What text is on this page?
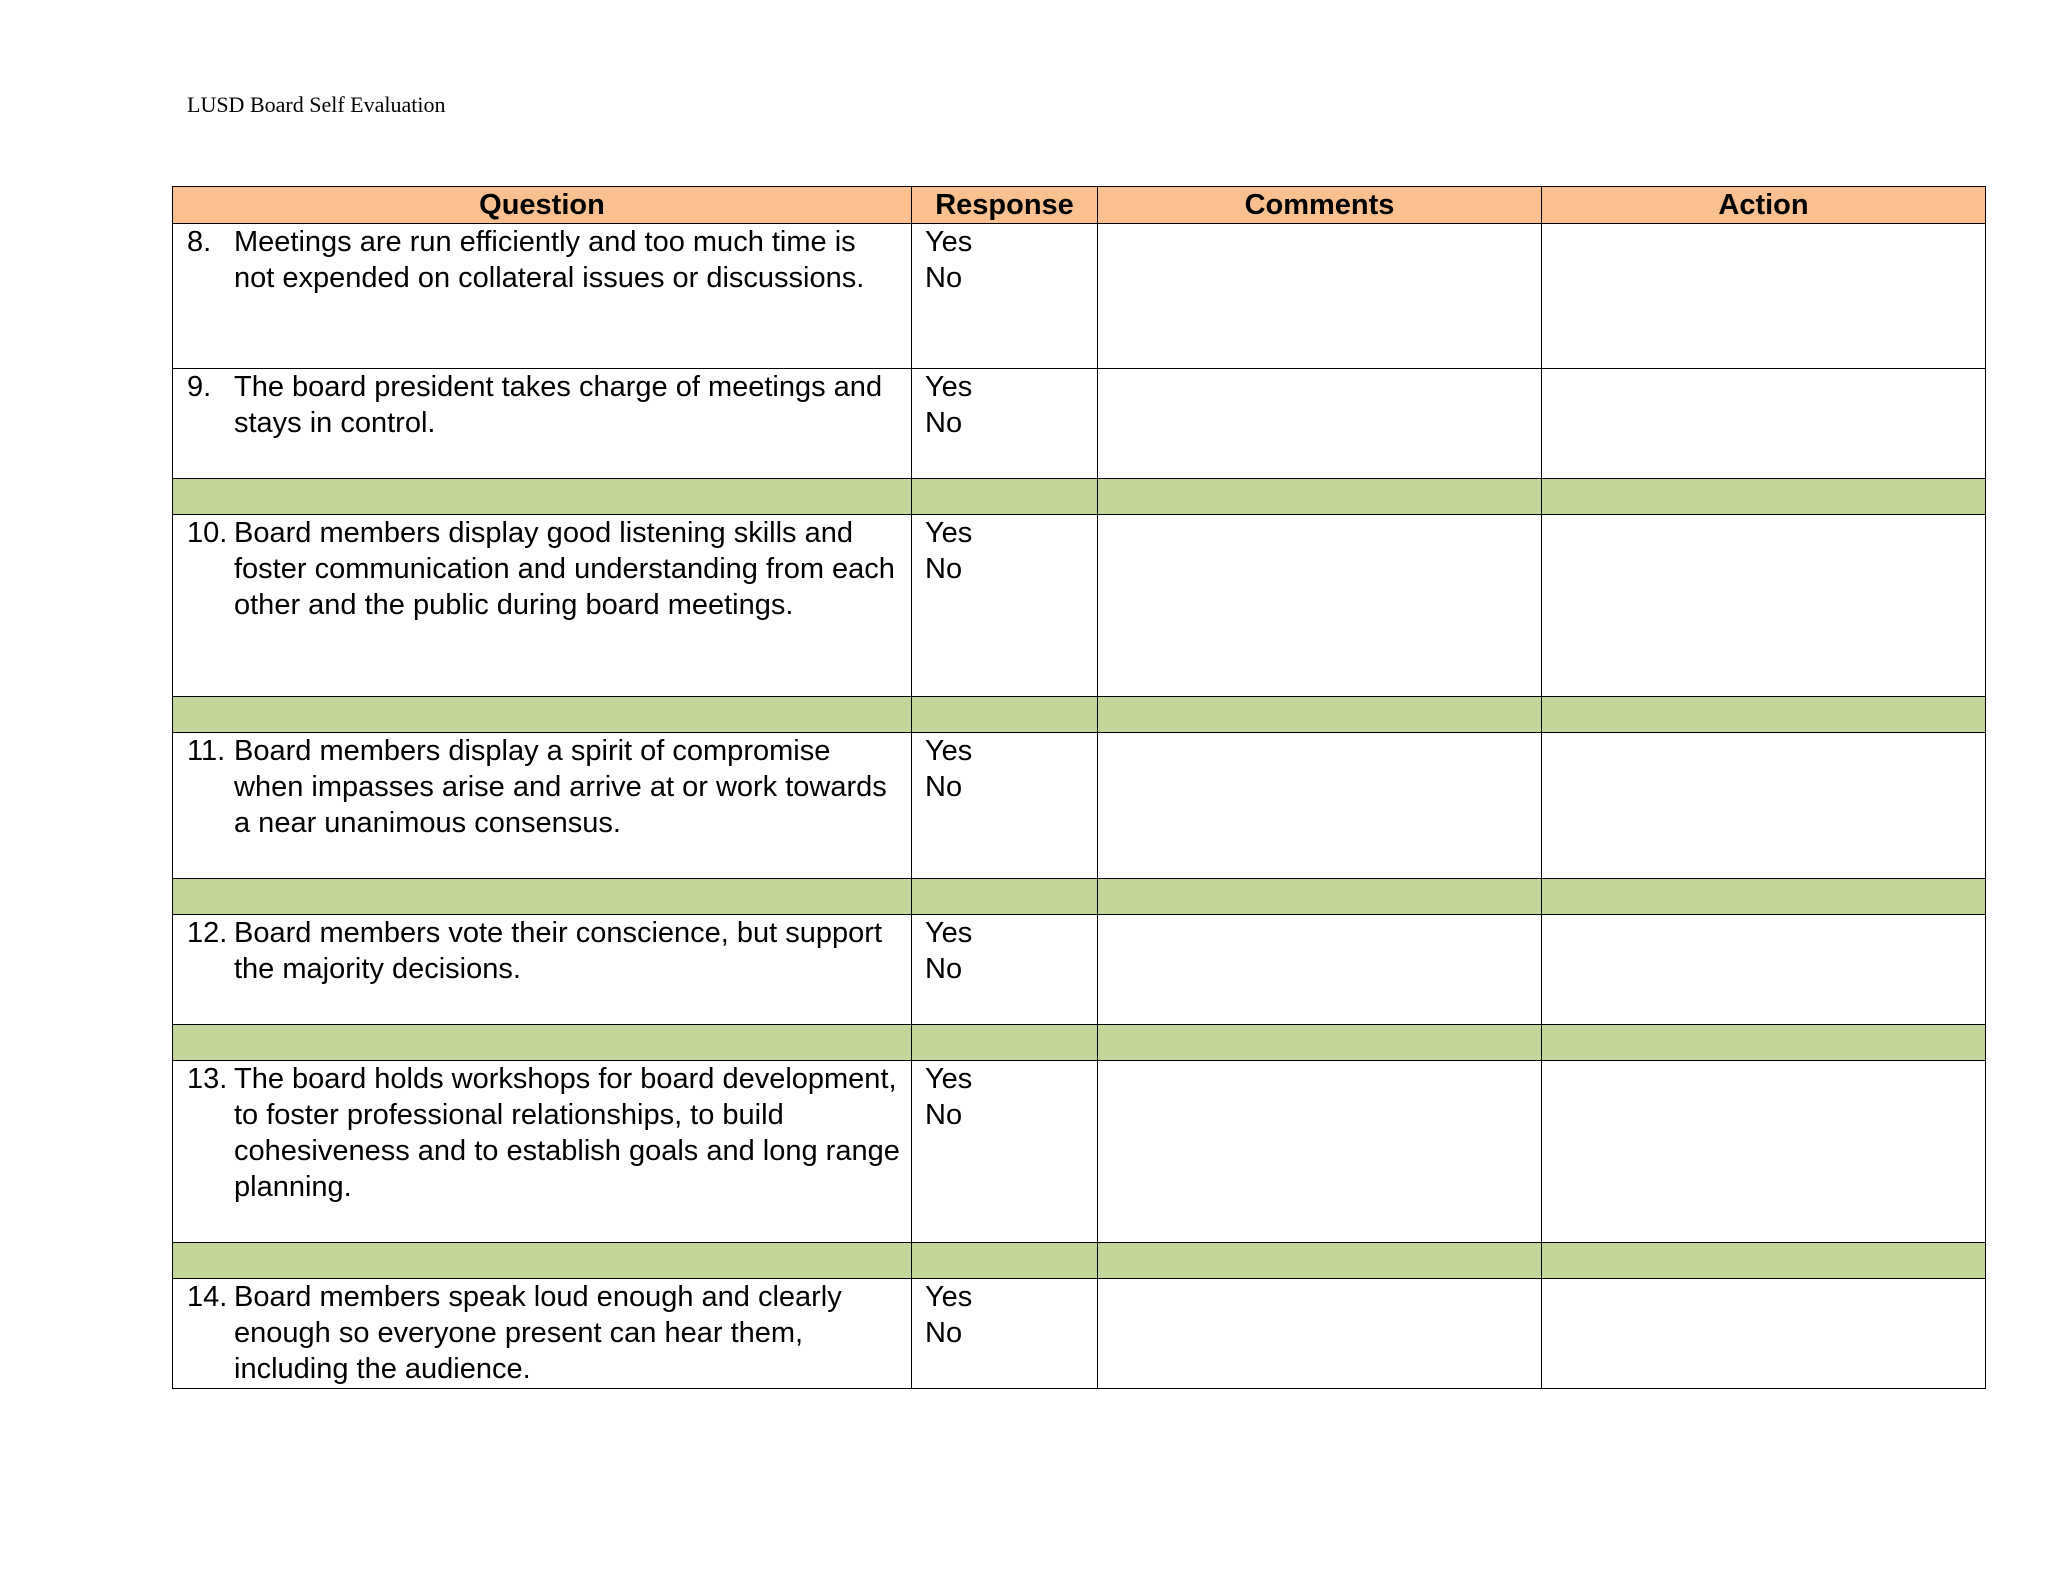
LUSD Board Self Evaluation
Question	Response	Comments	Action

8. Meetings are run efficiently and too much time is not expended on collateral issues or discussions.	Yes
No		

9. The board president takes charge of meetings and stays in control.	Yes
No		

10. Board members display good listening skills and foster communication and understanding from each other and the public during board meetings.	Yes
No		

11. Board members display a spirit of compromise when impasses arise and arrive at or work towards a near unanimous consensus.	Yes
No		

12. Board members vote their conscience, but support the majority decisions.	Yes
No		

13. The board holds workshops for board development, to foster professional relationships, to build cohesiveness and to establish goals and long range planning.	Yes
No		

14. Board members speak loud enough and clearly enough so everyone present can hear them, including the audience.	Yes
No		
